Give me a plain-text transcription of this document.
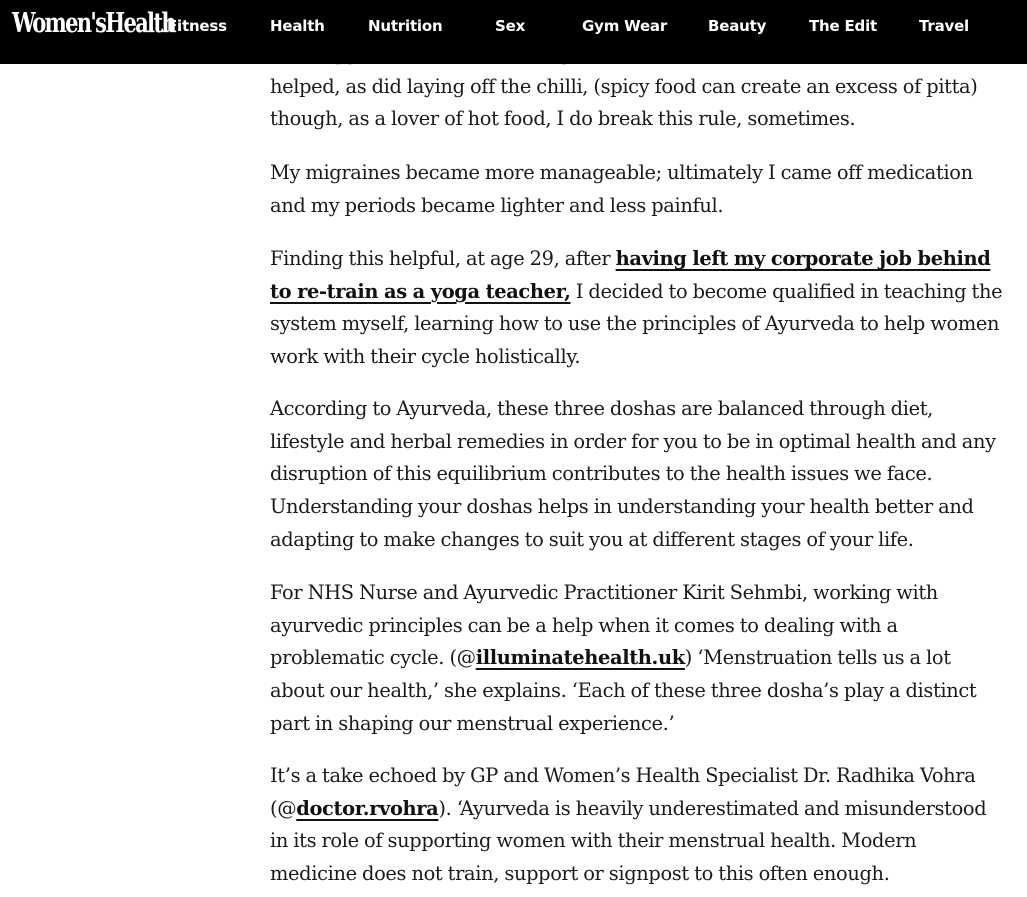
helped, as did laying off the chilli, (spicy food can create an excess of pitta)
though, as a lover of hot food, I do break this rule, sometimes.

My migraines became more manageable; ultimately I came off medication and my periods became lighter and less painful.

Finding this helpful, at age 29, after having left my corporate job behind to re-train as a yoga teacher, I decided to become qualified in teaching the system myself, learning how to use the principles of Ayurveda to help women work with their cycle holistically.

According to Ayurveda, these three doshas are balanced through diet, lifestyle and herbal remedies in order for you to be in optimal health and any disruption of this equilibrium contributes to the health issues we face. Understanding your doshas helps in understanding your health better and adapting to make changes to suit you at different stages of your life.

For NHS Nurse and Ayurvedic Practitioner Kirit Sehmbi, working with ayurvedic principles can be a help when it comes to dealing with a problematic cycle. (@illuminatehealth.uk) ‘Menstruation tells us a lot about our health,’ she explains. ‘Each of these three dosha’s play a distinct part in shaping our menstrual experience.’

It’s a take echoed by GP and Women’s Health Specialist Dr. Radhika Vohra (@doctor.rvohra). ‘Ayurveda is heavily underestimated and misunderstood in its role of supporting women with their menstrual health. Modern medicine does not train, support or signpost to this often enough.

Women'sHealth
Fitness	Health	Nutrition	Sex	Gym Wear	Beauty	The Edit	Travel
